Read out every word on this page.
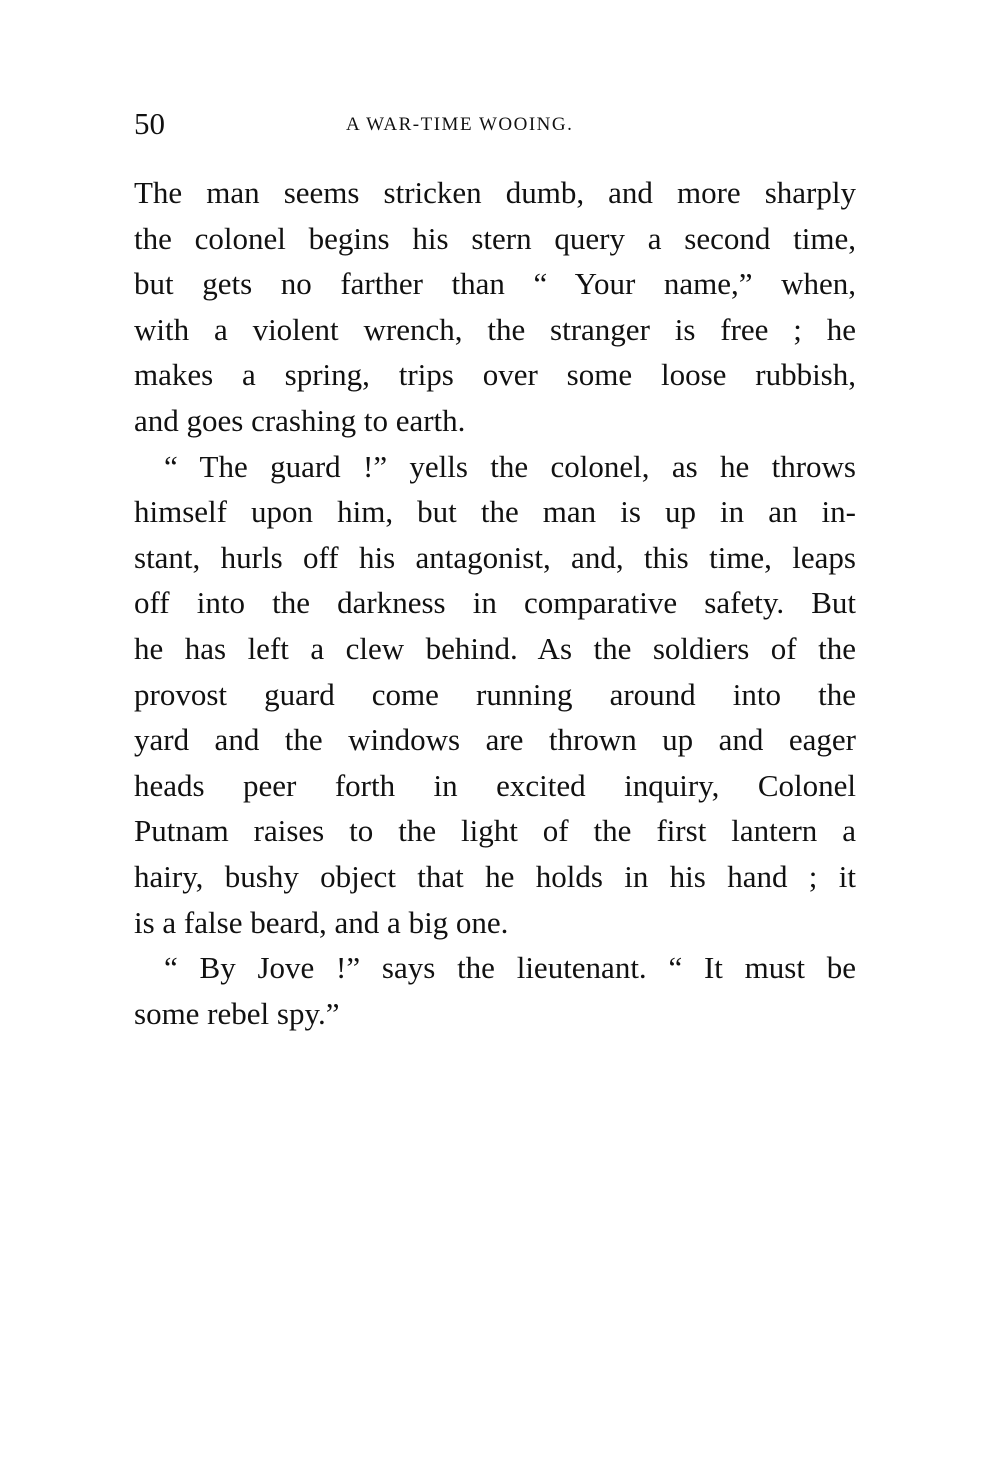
50	A WAR-TIME WOOING.
The man seems stricken dumb, and more sharply
the colonel begins his stern query a second time,
but gets no farther than “ Your name,” when,
with a violent wrench, the stranger is free ; he
makes a spring, trips over some loose rubbish,
and goes crashing to earth.
“ The guard !” yells the colonel, as he throws
himself upon him, but the man is up in an in-
stant, hurls off his antagonist, and, this time, leaps
off into the darkness in comparative safety. But
he has left a clew behind. As the soldiers of the
provost guard come running around into the
yard and the windows are thrown up and eager
heads peer forth in excited inquiry, Colonel
Putnam raises to the light of the first lantern a
hairy, bushy object that he holds in his hand ; it
is a false beard, and a big one.
“ By Jove !” says the lieutenant. “ It must be
some rebel spy.”
